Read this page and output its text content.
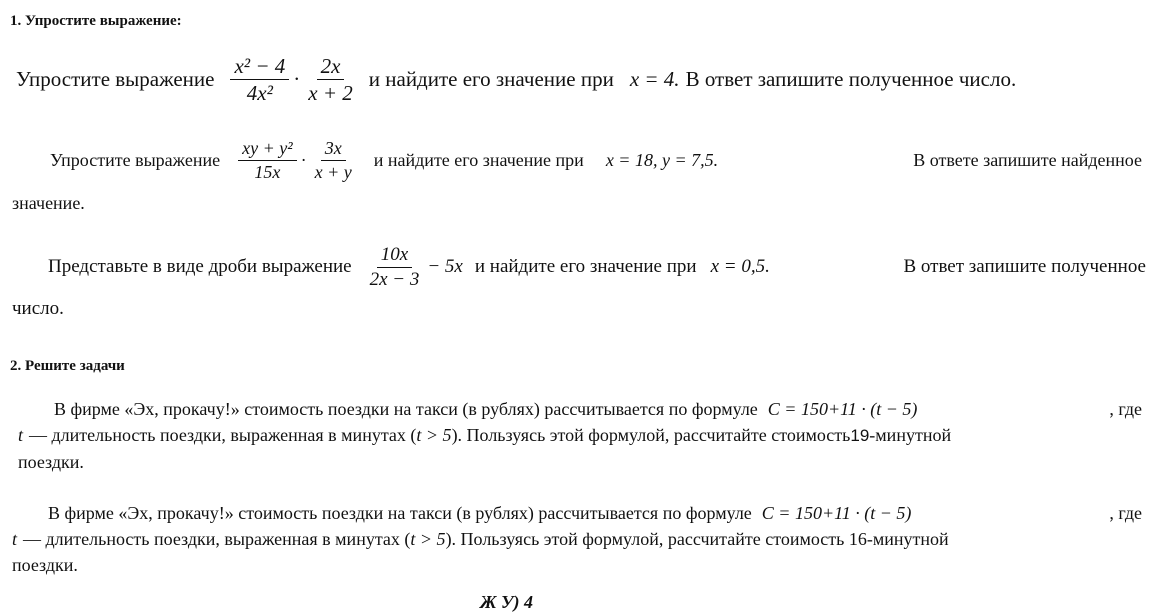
1. Упростите выражение:
Упростите выражение $\frac{\text{x² − 4}}{\text{4x²}} \cdot \frac{2x}{x + 2}$ и найдите его значение при x = 4. В ответ запишите полученное число.
Упростите выражение $\frac{\text{xy + y²}}{15x} \cdot \frac{3x}{x + y}$ и найдите его значение при x = 18, y = 7,5.	В ответе запишите найденное
значение.
Представьте в виде дроби выражение $\frac{10x}{2x - 3} - 5x$ и найдите его значение при x = 0,5.	В ответ запишите полученное
число.
2. Решите задачи
В фирме «Эх, прокачу!» стоимость поездки на такси (в рублях) рассчитывается по формуле C = 150+11 · (t − 5)	, где
t — длительность поездки, выраженная в минутах ( t > 5 ). Пользуясь этой формулой, рассчитайте стоимость 19 -минутной
поездки.
В фирме «Эх, прокачу!» стоимость поездки на такси (в рублях) рассчитывается по формуле C = 150+11 · (t − 5)	, где
t — длительность поездки, выраженная в минутах ( t > 5 ). Пользуясь этой формулой, рассчитайте стоимость 16-минутной
поездки.
Ж У) 4
